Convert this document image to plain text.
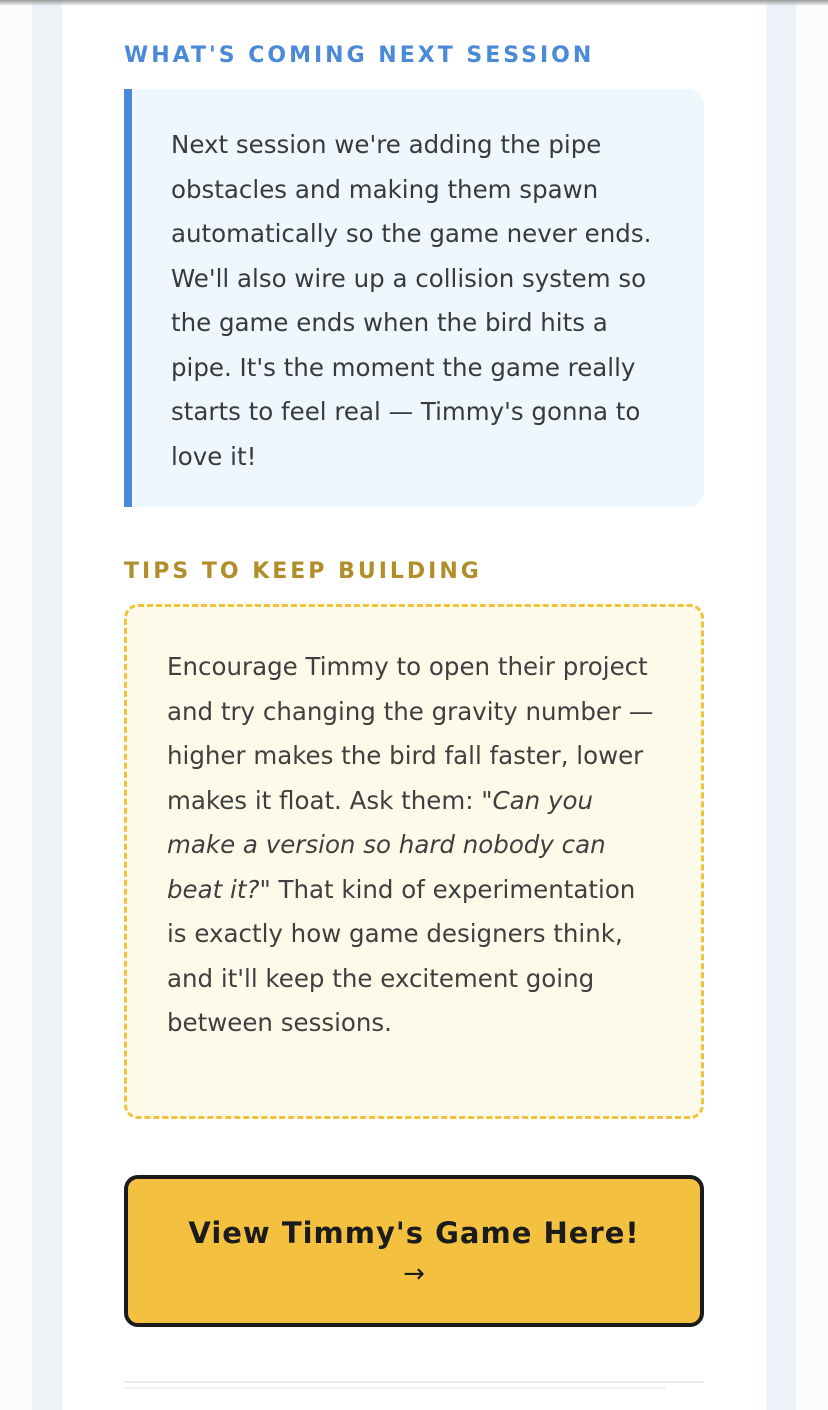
WHAT'S COMING NEXT SESSION

Next session we're adding the pipe obstacles and making them spawn automatically so the game never ends. We'll also wire up a collision system so the game ends when the bird hits a pipe. It's the moment the game really starts to feel real — Timmy's gonna to love it!

TIPS TO KEEP BUILDING

Encourage Timmy to open their project and try changing the gravity number — higher makes the bird fall faster, lower makes it float. Ask them: "Can you make a version so hard nobody can beat it?" That kind of experimentation is exactly how game designers think, and it'll keep the excitement going between sessions.

View Timmy's Game Here!
→
